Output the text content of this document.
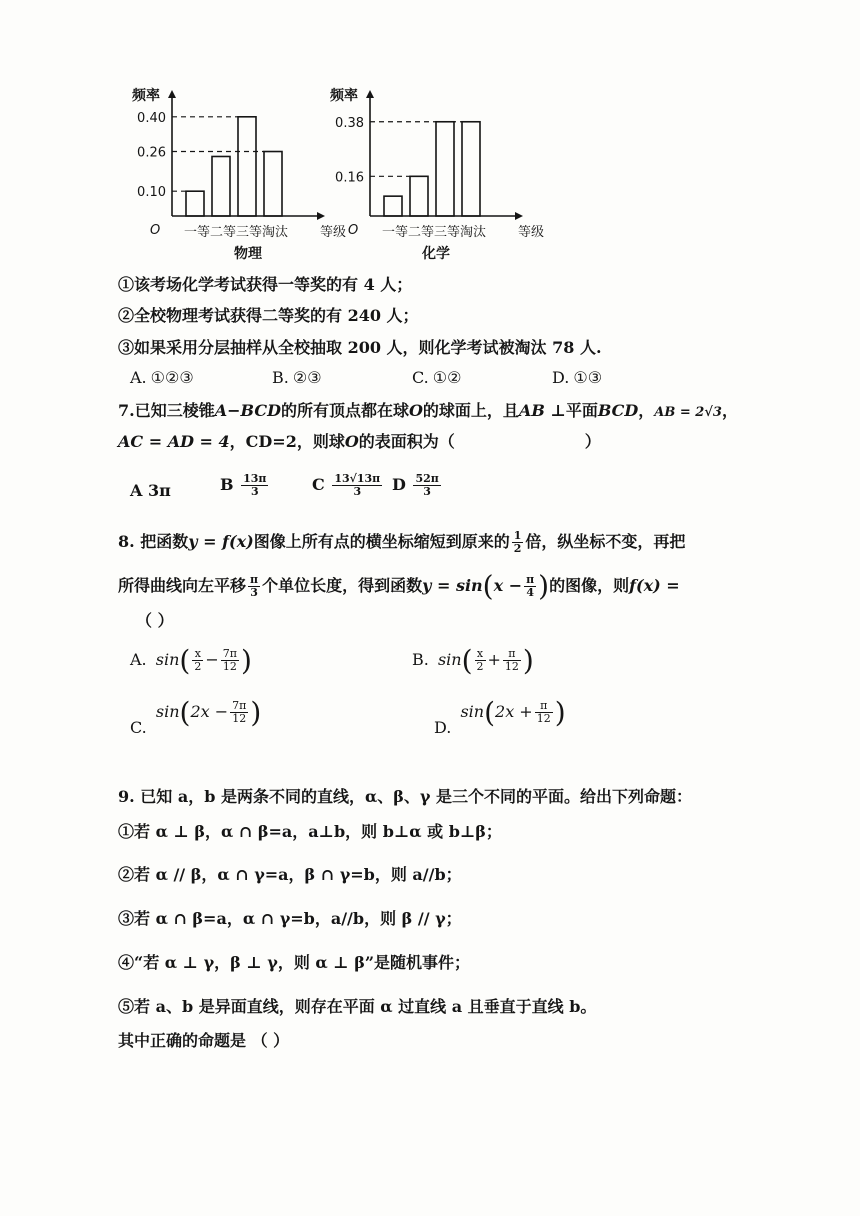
频率
O
0.40
0.26
0.10
一等 二等 三等 淘汰 等级
物理
频率
O
0.38
0.16
一等 二等 三等 淘汰 等级
化学
①该考场化学考试获得一等奖的有 4 人；
②全校物理考试获得二等奖的有 240 人；
③如果采用分层抽样从全校抽取 200 人，则化学考试被淘汰 78 人.
A. ①②③	B. ②③	C. ①②	D. ①③
7.已知三棱锥A−BCD的所有顶点都在球O的球面上，且AB ⊥平面BCD，AB = 2√3，
AC = AD = 4，CD=2，则球O的表面积为（	）
A 3π	B $\frac{13\pi}{3}$	C $\frac{13√13\pi}{3}$ D $\frac{52\pi}{3}$
8. 把函数y = f(x)图像上所有点的横坐标缩短到原来的 $\frac{1}{2}$ 倍，纵坐标不变，再把
所得曲线向左平移 $\frac{\pi}{3}$ 个单位长度，得到函数$y = \sin(x - \frac{\pi}{4}$ )的图像，则f(x) =
（ ）
A. $\sin( \frac{x}{2} - \frac{7\pi}{12}$ )	B. $\sin( \frac{x}{2} + \frac{\pi}{12}$ )
C. $\sin(2x - \frac{7\pi}{12}$ )	D. $\sin(2x + \frac{\pi}{12}$ )
9. 已知 a，b 是两条不同的直线，α、β、γ 是三个不同的平面。给出下列命题：
①若 α ⊥ β，α ∩ β=a，a⊥b，则 b⊥α 或 b⊥β；
②若 α // β，α ∩ γ=a，β ∩ γ=b，则 a//b；
③若 α ∩ β=a，α ∩ γ=b，a//b，则 β // γ；
④“若 α ⊥ γ，β ⊥ γ，则 α ⊥ β”是随机事件；
⑤若 a、b 是异面直线，则存在平面 α 过直线 a 且垂直于直线 b。
其中正确的命题是 （ ）
